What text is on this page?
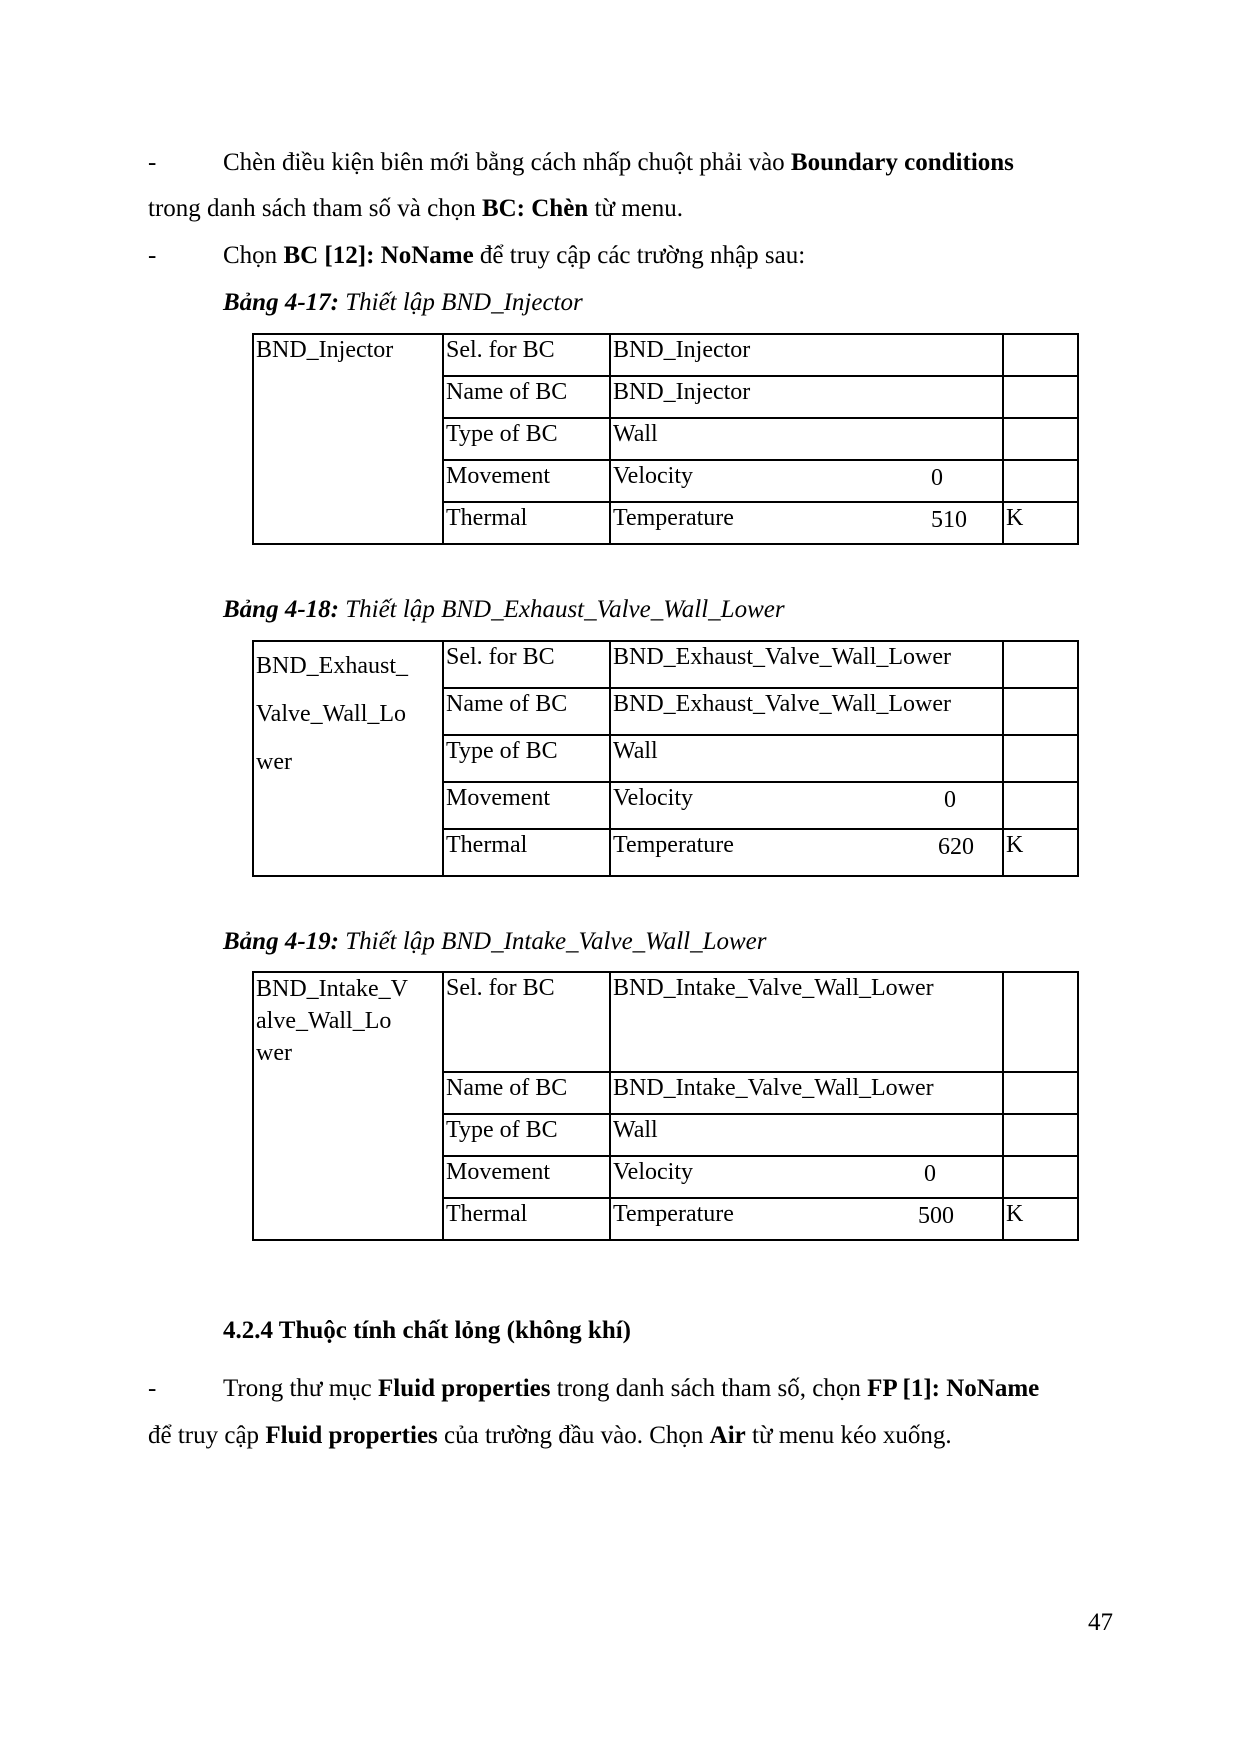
-	Chèn điều kiện biên mới bằng cách nhấp chuột phải vào Boundary conditions
trong danh sách tham số và chọn BC: Chèn từ menu.
-	Chọn BC [12]: NoName để truy cập các trường nhập sau:
Bảng 4-17: Thiết lập BND_Injector
BND_Injector	Sel. for BC	BND_Injector	
	Name of BC	BND_Injector	
	Type of BC	Wall	
	Movement	Velocity 0	

	Thermal	Temperature 510	K
Bảng 4-18: Thiết lập BND_Exhaust_Valve_Wall_Lower
BND_Exhaust_
Valve_Wall_Lo
wer	Sel. for BC	BND_Exhaust_Valve_Wall_Lower	
	Name of BC	BND_Exhaust_Valve_Wall_Lower	
	Type of BC	Wall	
	Movement	Velocity 0	

	Thermal	Temperature 620	K
Bảng 4-19: Thiết lập BND_Intake_Valve_Wall_Lower
BND_Intake_V
alve_Wall_Lo
wer	Sel. for BC	BND_Intake_Valve_Wall_Lower	
	Name of BC	BND_Intake_Valve_Wall_Lower	
	Type of BC	Wall	
	Movement	Velocity 0	

	Thermal	Temperature 500	K
4.2.4 Thuộc tính chất lỏng (không khí)
-	Trong thư mục Fluid properties trong danh sách tham số, chọn FP [1]: NoName
để truy cập Fluid properties của trường đầu vào. Chọn Air từ menu kéo xuống.
47
